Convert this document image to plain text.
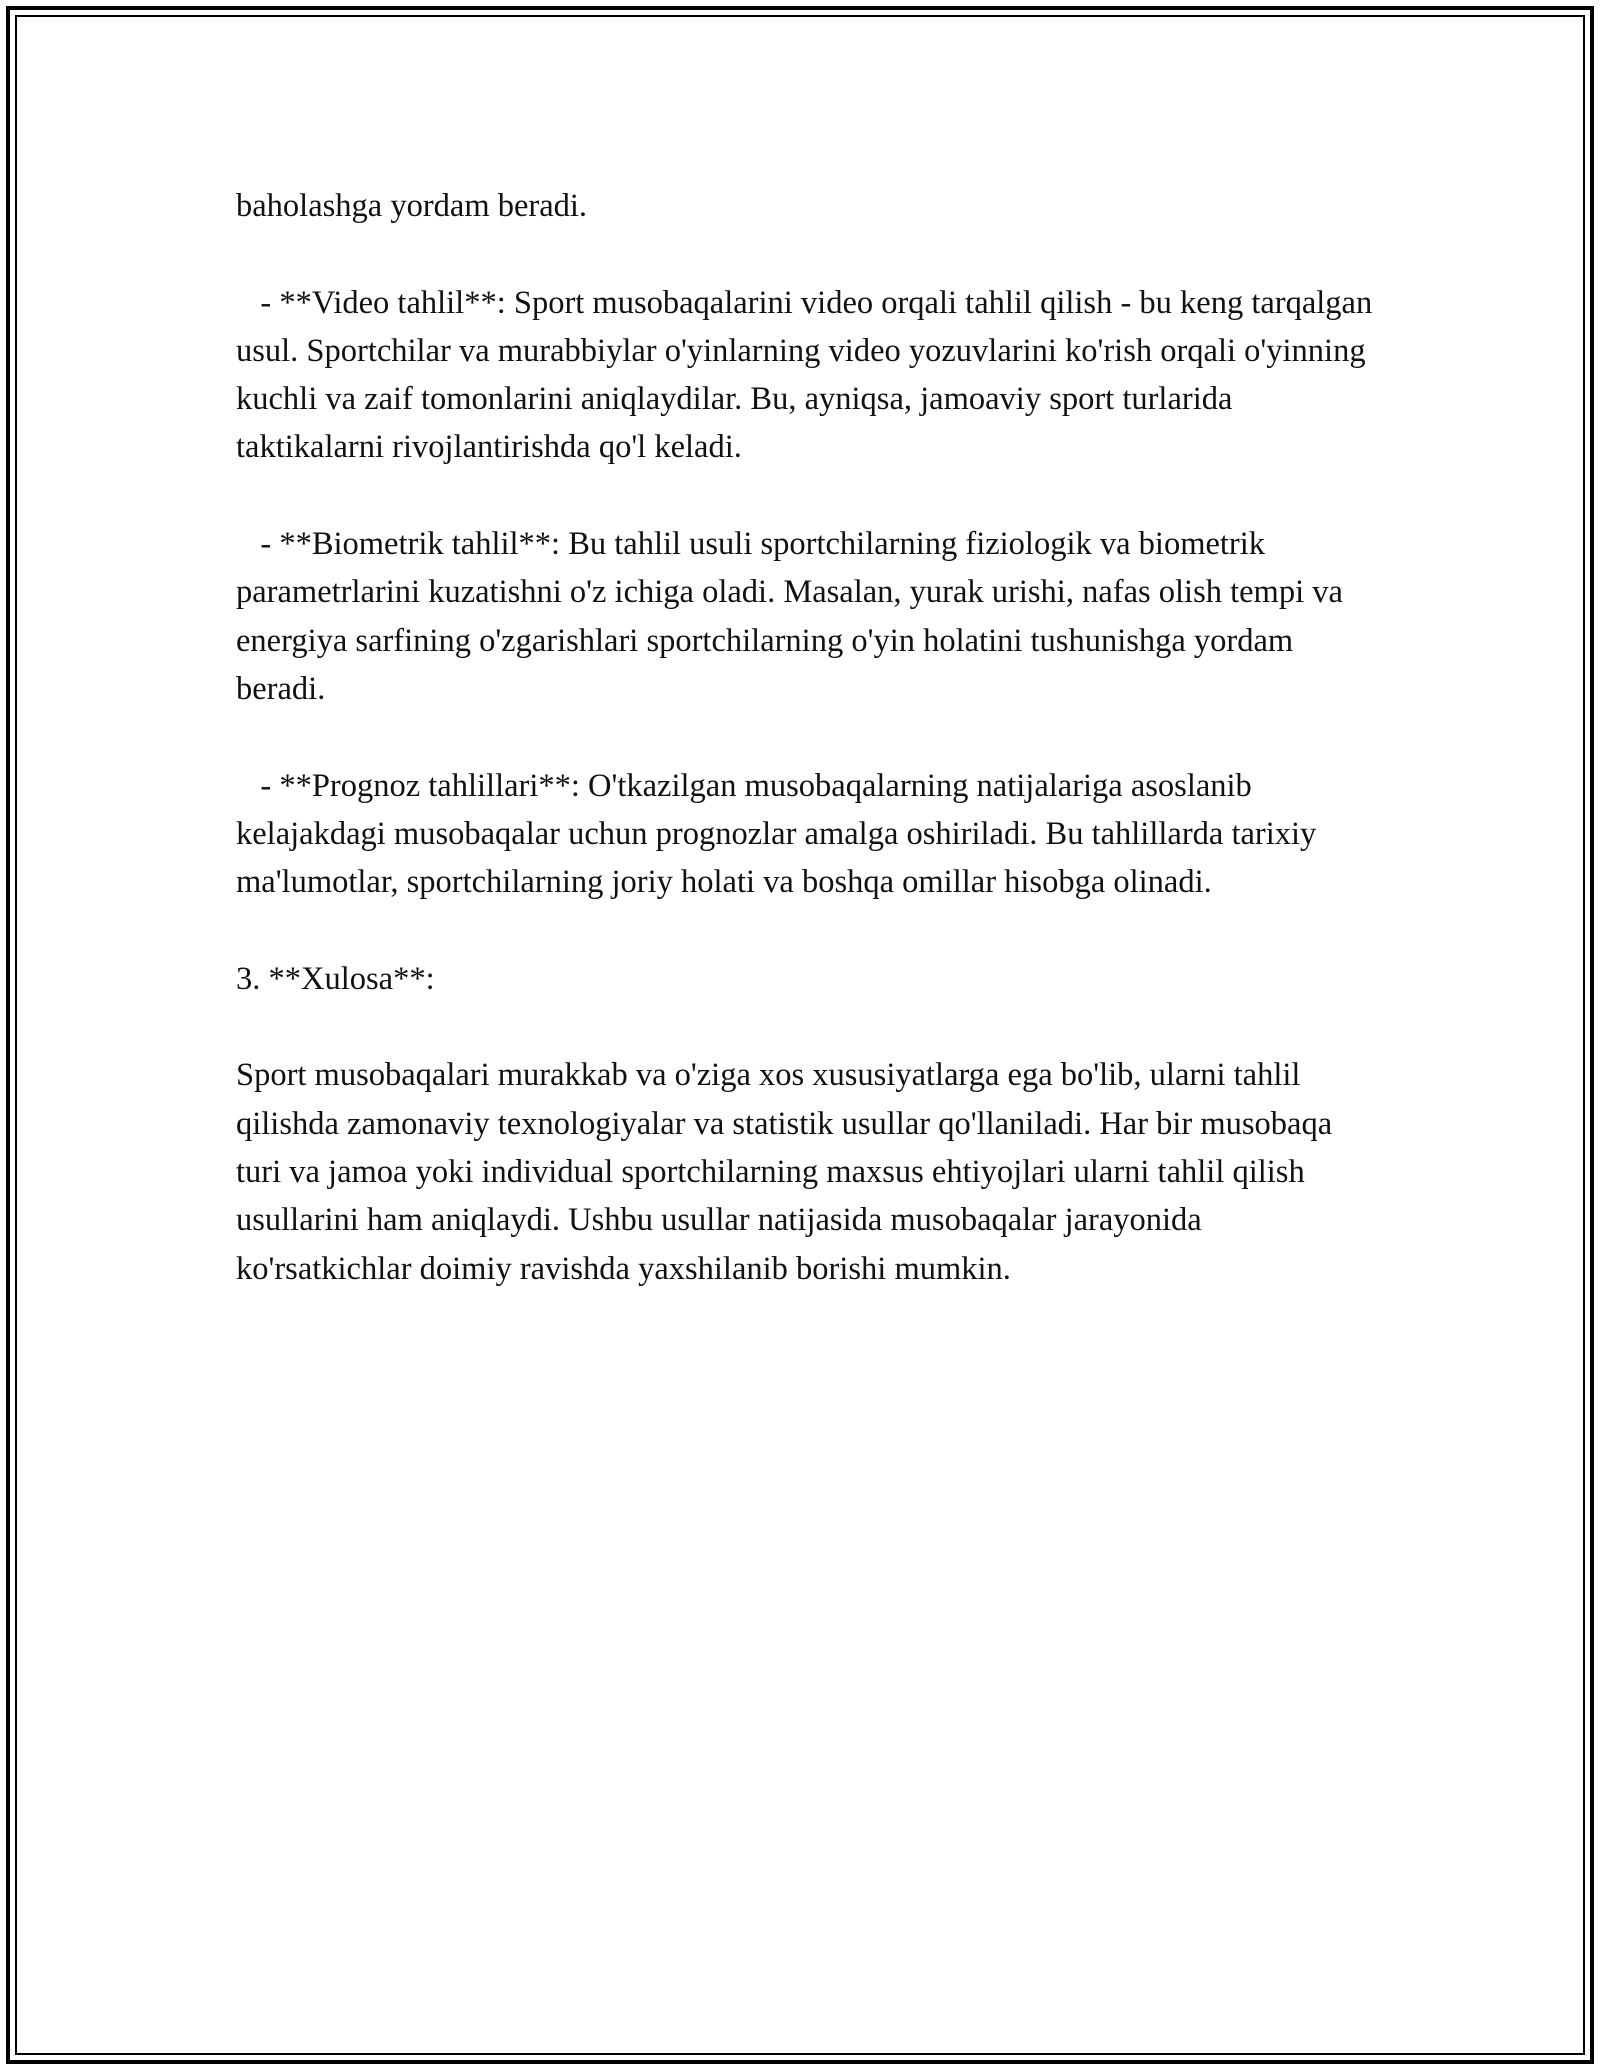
baholashga yordam beradi.

- **Video tahlil**: Sport musobaqalarini video orqali tahlil qilish - bu keng tarqalgan usul. Sportchilar va murabbiylar o'yinlarning video yozuvlarini ko'rish orqali o'yinning kuchli va zaif tomonlarini aniqlaydilar. Bu, ayniqsa, jamoaviy sport turlarida taktikalarni rivojlantirishda qo'l keladi.

- **Biometrik tahlil**: Bu tahlil usuli sportchilarning fiziologik va biometrik parametrlarini kuzatishni o'z ichiga oladi. Masalan, yurak urishi, nafas olish tempi va energiya sarfining o'zgarishlari sportchilarning o'yin holatini tushunishga yordam beradi.

- **Prognoz tahlillari**: O'tkazilgan musobaqalarning natijalariga asoslanib kelajakdagi musobaqalar uchun prognozlar amalga oshiriladi. Bu tahlillarda tarixiy ma'lumotlar, sportchilarning joriy holati va boshqa omillar hisobga olinadi.

3. **Xulosa**:

Sport musobaqalari murakkab va o'ziga xos xususiyatlarga ega bo'lib, ularni tahlil qilishda zamonaviy texnologiyalar va statistik usullar qo'llaniladi. Har bir musobaqa turi va jamoa yoki individual sportchilarning maxsus ehtiyojlari ularni tahlil qilish usullarini ham aniqlaydi. Ushbu usullar natijasida musobaqalar jarayonida ko'rsatkichlar doimiy ravishda yaxshilanib borishi mumkin.
